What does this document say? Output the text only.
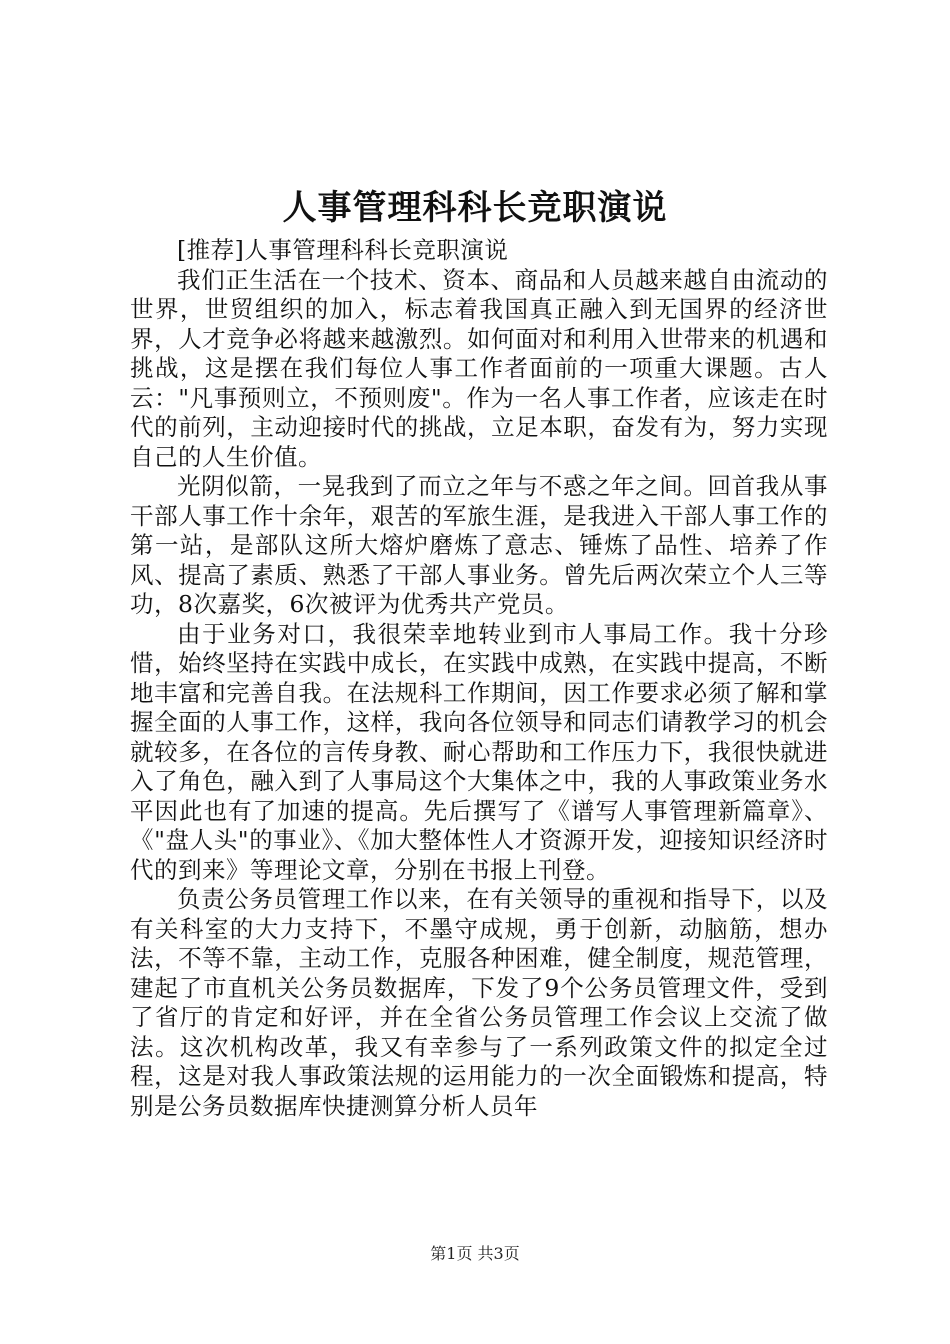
人事管理科科长竞职演说

[推荐]人事管理科科长竞职演说

我们正生活在一个技术、资本、商品和人员越来越自由流动的世界，世贸组织的加入，标志着我国真正融入到无国界的经济世界，人才竞争必将越来越激烈。如何面对和利用入世带来的机遇和挑战，这是摆在我们每位人事工作者面前的一项重大课题。古人云："凡事预则立，不预则废"。作为一名人事工作者，应该走在时代的前列，主动迎接时代的挑战，立足本职，奋发有为，努力实现自己的人生价值。

光阴似箭，一晃我到了而立之年与不惑之年之间。回首我从事干部人事工作十余年，艰苦的军旅生涯，是我进入干部人事工作的第一站，是部队这所大熔炉磨炼了意志、锤炼了品性、培养了作风、提高了素质、熟悉了干部人事业务。曾先后两次荣立个人三等功，8次嘉奖，6次被评为优秀共产党员。

由于业务对口，我很荣幸地转业到市人事局工作。我十分珍惜，始终坚持在实践中成长，在实践中成熟，在实践中提高，不断地丰富和完善自我。在法规科工作期间，因工作要求必须了解和掌握全面的人事工作，这样，我向各位领导和同志们请教学习的机会就较多，在各位的言传身教、耐心帮助和工作压力下，我很快就进入了角色，融入到了人事局这个大集体之中，我的人事政策业务水平因此也有了加速的提高。先后撰写了《谱写人事管理新篇章》、《"盘人头"的事业》、《加大整体性人才资源开发，迎接知识经济时代的到来》等理论文章，分别在书报上刊登。

负责公务员管理工作以来，在有关领导的重视和指导下，以及有关科室的大力支持下，不墨守成规，勇于创新，动脑筋，想办法，不等不靠，主动工作，克服各种困难，健全制度，规范管理，建起了市直机关公务员数据库，下发了9个公务员管理文件，受到了省厅的肯定和好评，并在全省公务员管理工作会议上交流了做法。这次机构改革，我又有幸参与了一系列政策文件的拟定全过程，这是对我人事政策法规的运用能力的一次全面锻炼和提高，特别是公务员数据库快捷测算分析人员年

第1页 共3页
